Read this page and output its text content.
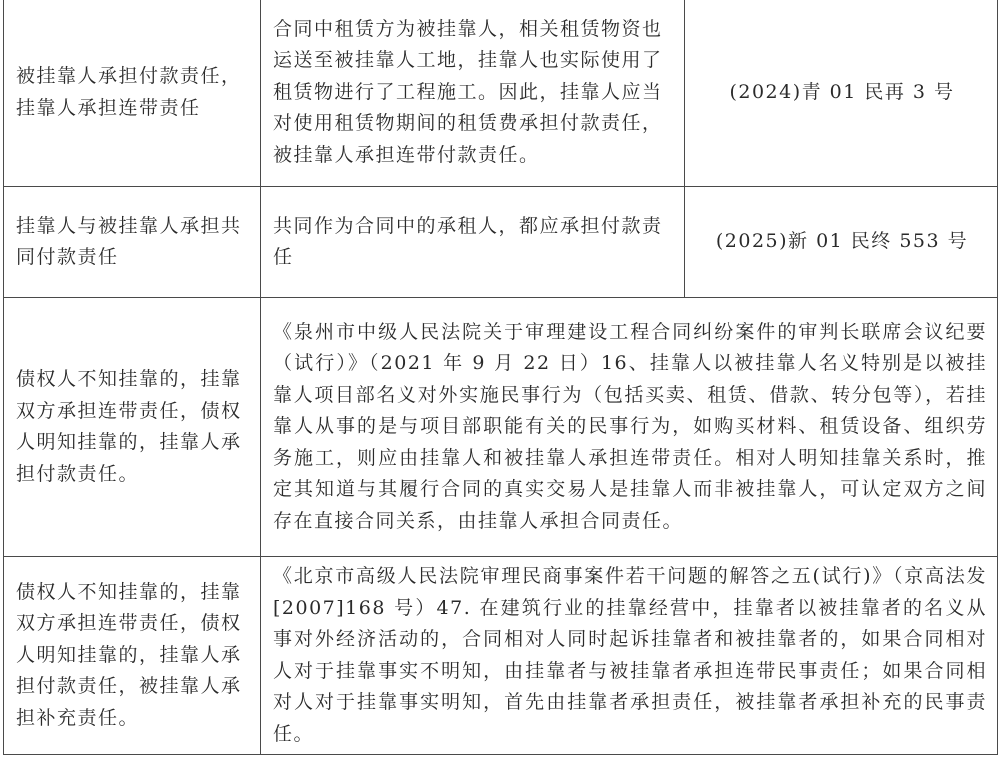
被挂靠人承担付款责任，挂靠人承担连带责任	合同中租赁方为被挂靠人，相关租赁物资也运送至被挂靠人工地，挂靠人也实际使用了租赁物进行了工程施工。因此，挂靠人应当对使用租赁物期间的租赁费承担付款责任，被挂靠人承担连带付款责任。	(2024)青 01 民再 3 号
挂靠人与被挂靠人承担共同付款责任	共同作为合同中的承租人，都应承担付款责任	(2025)新 01 民终 553 号
债权人不知挂靠的，挂靠双方承担连带责任，债权人明知挂靠的，挂靠人承担付款责任。	《泉州市中级人民法院关于审理建设工程合同纠纷案件的审判长联席会议纪要（试行）》（2021 年 9 月 22 日）16、挂靠人以被挂靠人名义特别是以被挂靠人项目部名义对外实施民事行为（包括买卖、租赁、借款、转分包等），若挂靠人从事的是与项目部职能有关的民事行为，如购买材料、租赁设备、组织劳务施工，则应由挂靠人和被挂靠人承担连带责任。相对人明知挂靠关系时，推定其知道与其履行合同的真实交易人是挂靠人而非被挂靠人，可认定双方之间存在直接合同关系，由挂靠人承担合同责任。	
债权人不知挂靠的，挂靠双方承担连带责任，债权人明知挂靠的，挂靠人承担付款责任，被挂靠人承担补充责任。	《北京市高级人民法院审理民商事案件若干问题的解答之五(试行)》（京高法发[2007]168 号）47. 在建筑行业的挂靠经营中，挂靠者以被挂靠者的名义从事对外经济活动的，合同相对人同时起诉挂靠者和被挂靠者的，如果合同相对人对于挂靠事实不明知，由挂靠者与被挂靠者承担连带民事责任；如果合同相对人对于挂靠事实明知，首先由挂靠者承担责任，被挂靠者承担补充的民事责任。	
